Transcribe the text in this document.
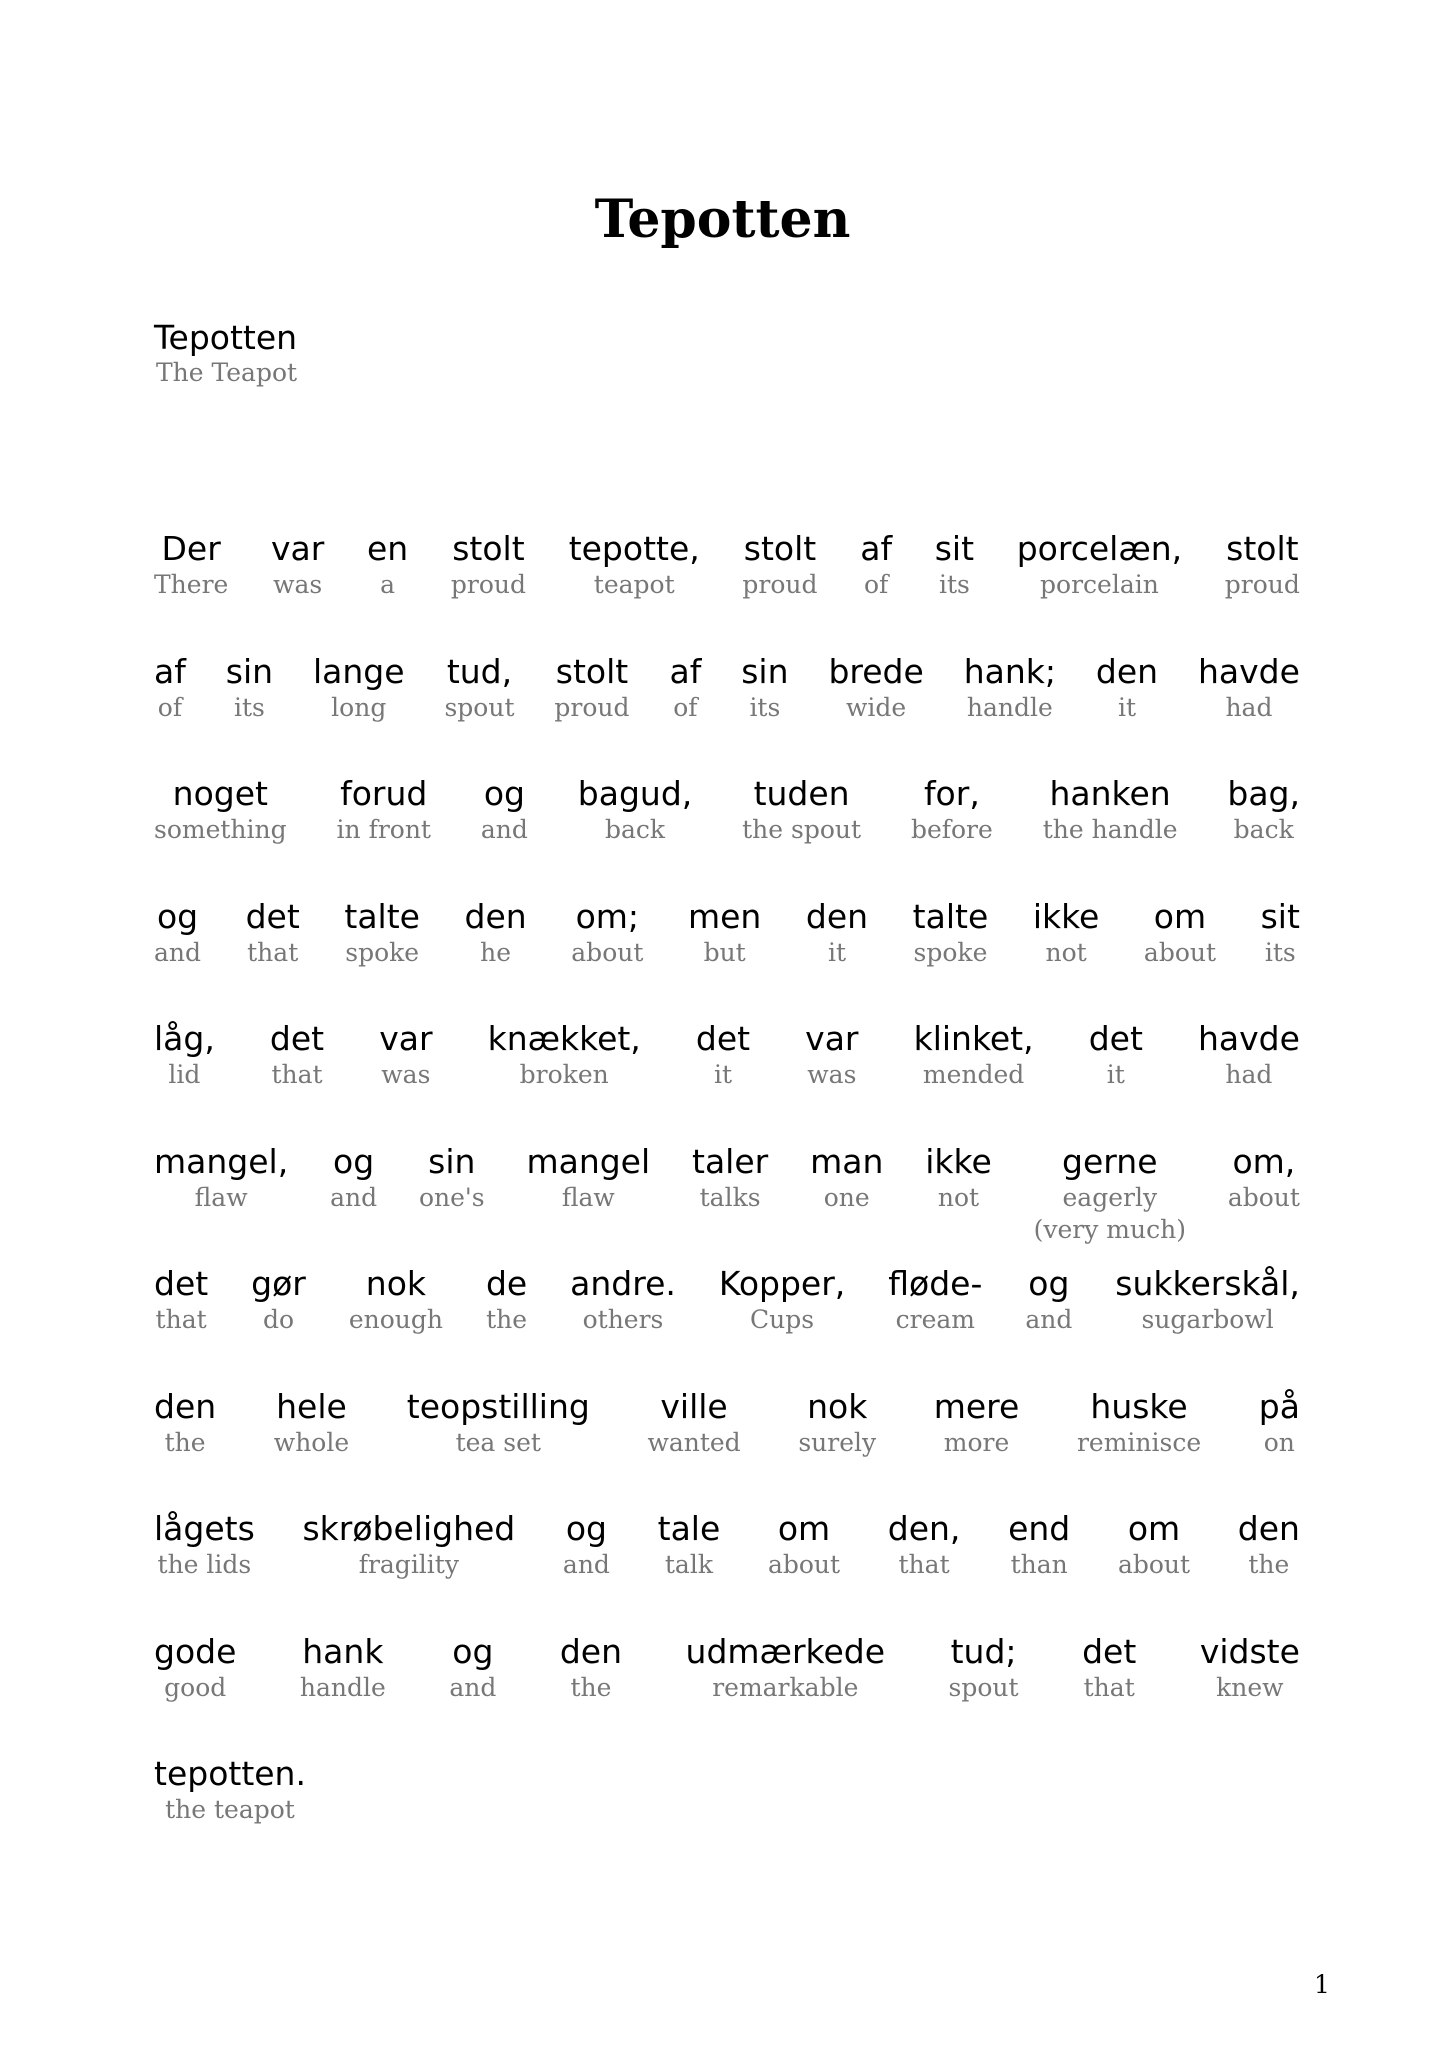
Tepotten
Tepotten
The Teapot
Der
There
var
was
en
a
stolt
proud
tepotte,
teapot
stolt
proud
af
of
sit
its
porcelæn,
porcelain
stolt
proud
af
of
sin
its
lange
long
tud,
spout
stolt
proud
af
of
sin
its
brede
wide
hank;
handle
den
it
havde
had
noget
something
forud
in front
og
and
bagud,
back
tuden
the spout
for,
before
hanken
the handle
bag,
back
og
and
det
that
talte
spoke
den
he
om;
about
men
but
den
it
talte
spoke
ikke
not
om
about
sit
its
låg,
lid
det
that
var
was
knækket,
broken
det
it
var
was
klinket,
mended
det
it
havde
had
mangel,
flaw
og
and
sin
one's
mangel
flaw
taler
talks
man
one
ikke
not
gerne
eagerly
(very much)
om,
about
det
that
gør
do
nok
enough
de
the
andre.
others
Kopper,
Cups
fløde-
cream
og
and
sukkerskål,
sugarbowl
den
the
hele
whole
teopstilling
tea set
ville
wanted
nok
surely
mere
more
huske
reminisce
på
on
lågets
the lids
skrøbelighed
fragility
og
and
tale
talk
om
about
den,
that
end
than
om
about
den
the
gode
good
hank
handle
og
and
den
the
udmærkede
remarkable
tud;
spout
det
that
vidste
knew
tepotten.
the teapot
1
